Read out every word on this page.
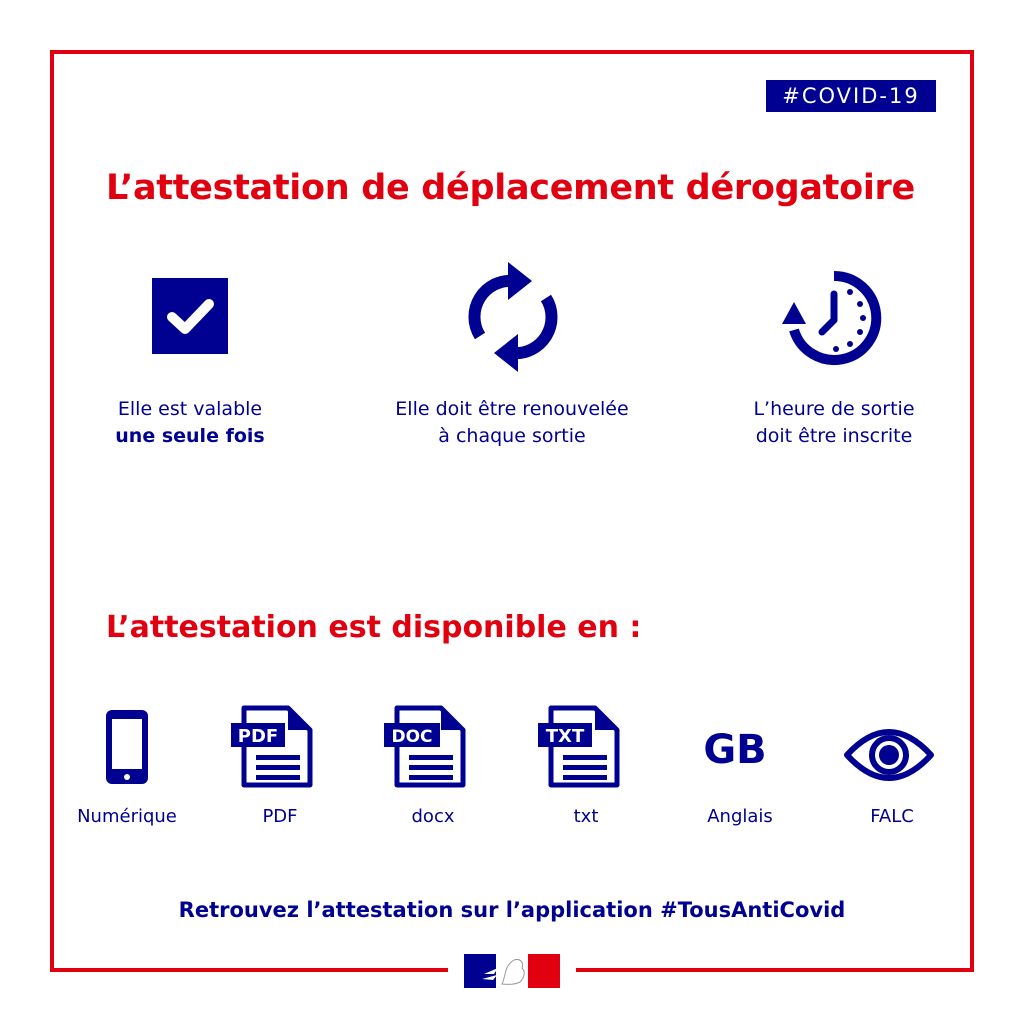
#COVID-19
L’attestation de déplacement dérogatoire
Elle est valable
une seule fois
Elle doit être renouvelée
à chaque sortie
L’heure de sortie
doit être inscrite
L’attestation est disponible en :
Numérique
PDF
PDF
DOC
docx
TXT
txt
GB
Anglais	FALC
Retrouvez l’attestation sur l’application #TousAntiCovid
